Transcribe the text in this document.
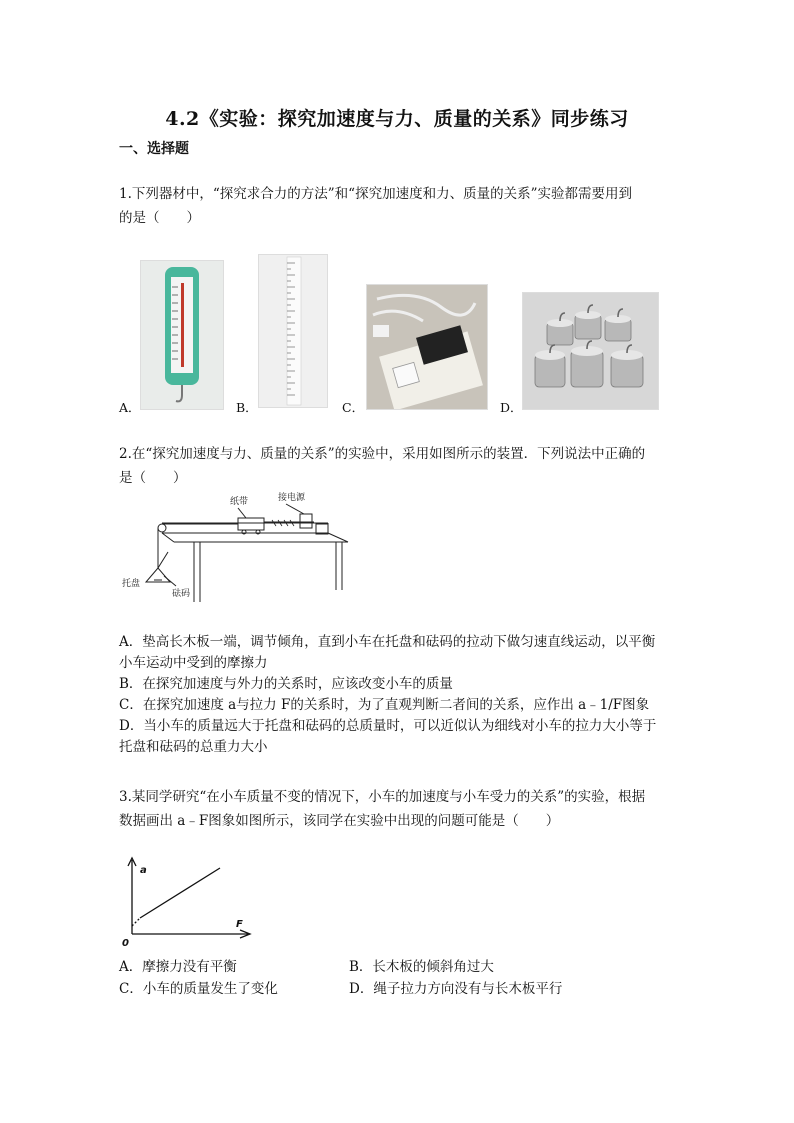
4.2《实验：探究加速度与力、质量的关系》同步练习
一、选择题
1.下列器材中，“探究求合力的方法”和“探究加速度和力、质量的关系”实验都需要用到
的是（　　）
A．	B．	C．	D．
2.在“探究加速度与力、质量的关系”的实验中，采用如图所示的装置．下列说法中正确的
是（　　）
纸带	接电源
托盘
砝码
A．垫高长木板一端，调节倾角，直到小车在托盘和砝码的拉动下做匀速直线运动，以平衡
小车运动中受到的摩擦力
B．在探究加速度与外力的关系时，应该改变小车的质量
C．在探究加速度 a与拉力 F的关系时，为了直观判断二者间的关系，应作出 a﹣1/F图象
D．当小车的质量远大于托盘和砝码的总质量时，可以近似认为细线对小车的拉力大小等于
托盘和砝码的总重力大小
3.某同学研究“在小车质量不变的情况下，小车的加速度与小车受力的关系”的实验，根据
数据画出 a﹣F图象如图所示，该同学在实验中出现的问题可能是（　　）
a
F
0
A．摩擦力没有平衡	B．长木板的倾斜角过大
C．小车的质量发生了变化	D．绳子拉力方向没有与长木板平行
